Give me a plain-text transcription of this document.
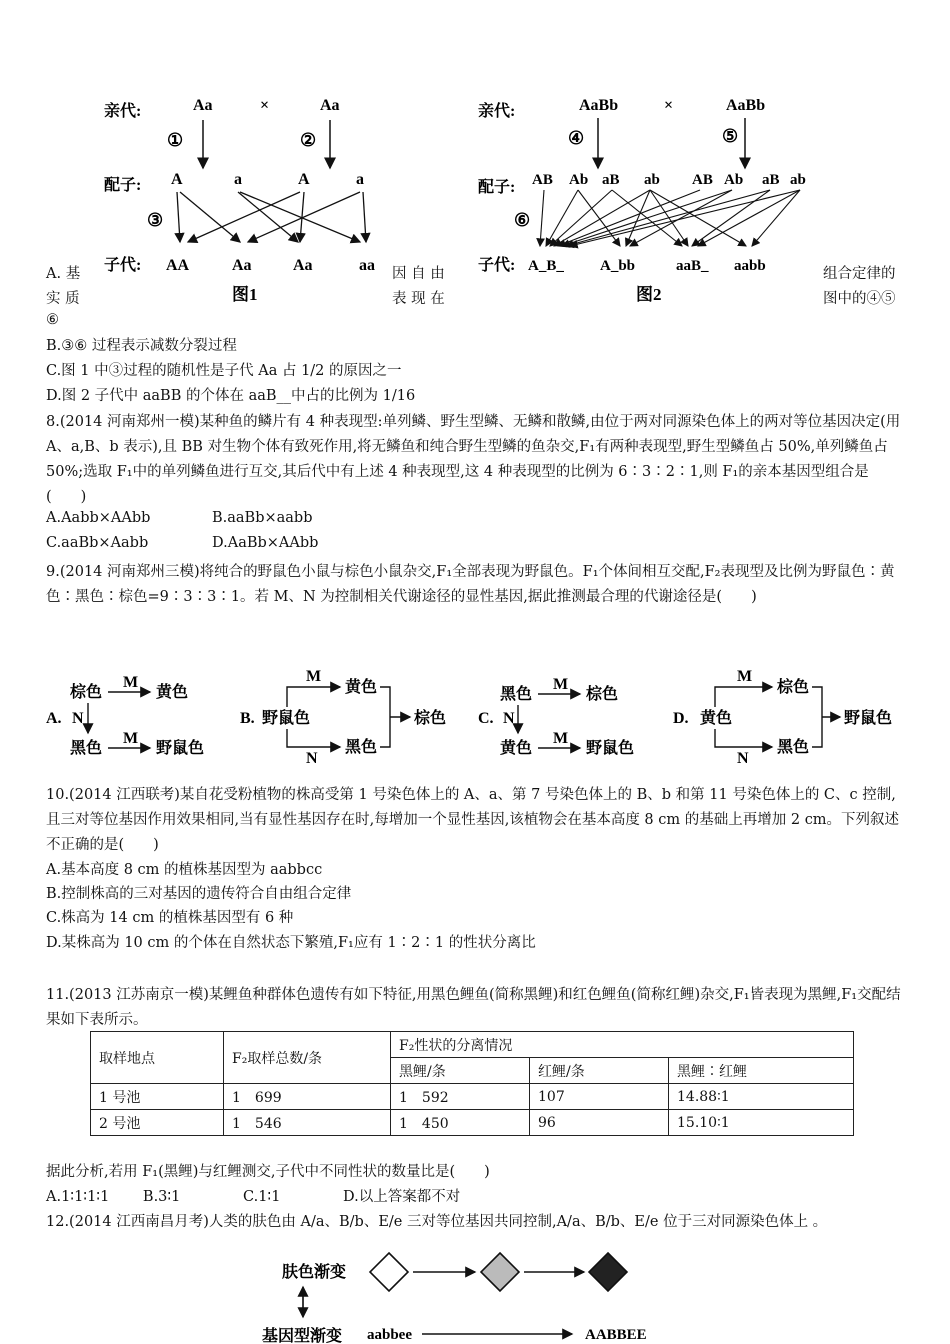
亲代:	Aa	×	Aa
①	②
配子: A	a	A	a
③
子代: AA	Aa	Aa	aa
图1
亲代:	AaBb	×	AaBb
④	⑤
配子: AB Ab aB ab AB Ab aB ab
⑥
子代: A_B_ A_bb	aaB_ aabb
图2
A. 基	因 自 由	组合定律的
实 质	表 现 在	图中的④⑤
⑥

B.③⑥ 过程表示减数分裂过程

C.图 1 中③过程的随机性是子代 Aa 占 1/2 的原因之一

D.图 2 子代中 aaBB 的个体在 aaB__中占的比例为 1/16

8.(2014 河南郑州一模)某种鱼的鳞片有 4 种表现型:单列鳞、野生型鳞、无鳞和散鳞,由位于两对同源染色体上的两对等位基因决定(用 A、a,B、b 表示),且 BB 对生物个体有致死作用,将无鳞鱼和纯合野生型鳞的鱼杂交,F₁有两种表现型,野生型鳞鱼占 50%,单列鳞鱼占 50%;选取 F₁中的单列鳞鱼进行互交,其后代中有上述 4 种表现型,这 4 种表现型的比例为 6∶3∶2∶1,则 F₁的亲本基因型组合是(　　)

A.Aabb×AAbb	B.aaBb×aabb
C.aaBb×Aabb	D.AaBb×AAbb

9.(2014 河南郑州三模)将纯合的野鼠色小鼠与棕色小鼠杂交,F₁全部表现为野鼠色。F₁个体间相互交配,F₂表现型及比例为野鼠色∶黄色∶黑色∶棕色=9∶3∶3∶1。若 M、N 为控制相关代谢途径的显性基因,据此推测最合理的代谢途径是(　　)

A.
棕色
M
黄色
N
黑色
M
野鼠色
B. 野鼠色
M
黄色
N
黑色
棕色 C.
黑色
M
棕色
N
黄色
M
野鼠色
D. 黄色
M
棕色
N
黑色
野鼠色

10.(2014 江西联考)某自花受粉植物的株高受第 1 号染色体上的 A、a、第 7 号染色体上的 B、b 和第 11 号染色体上的 C、c 控制,且三对等位基因作用效果相同,当有显性基因存在时,每增加一个显性基因,该植物会在基本高度 8 cm 的基础上再增加 2 cm。下列叙述不正确的是(　　)

A.基本高度 8 cm 的植株基因型为 aabbcc

B.控制株高的三对基因的遗传符合自由组合定律

C.株高为 14 cm 的植株基因型有 6 种

D.某株高为 10 cm 的个体在自然状态下繁殖,F₁应有 1∶2∶1 的性状分离比

11.(2013 江苏南京一模)某鲤鱼种群体色遗传有如下特征,用黑色鲤鱼(简称黑鲤)和红色鲤鱼(简称红鲤)杂交,F₁皆表现为黑鲤,F₁交配结果如下表所示。

取样地点	F₂取样总数/条	F₂性状的分离情况		
		黑鲤/条	红鲤/条	黑鲤∶红鲤
1 号池	1　699	1　592	107	14.88∶1
2 号池	1　546	1　450	96	15.10∶1

据此分析,若用 F₁(黑鲤)与红鲤测交,子代中不同性状的数量比是(　　)

A.1∶1∶1∶1　　 B.3∶1　　　　 C.1∶1　　　　 D.以上答案都不对

12.(2014 江西南昌月考)人类的肤色由 A/a、B/b、E/e 三对等位基因共同控制,A/a、B/b、E/e 位于三对同源染色体上 。

肤色渐变
基因型渐变 aabbee	AABBEE
